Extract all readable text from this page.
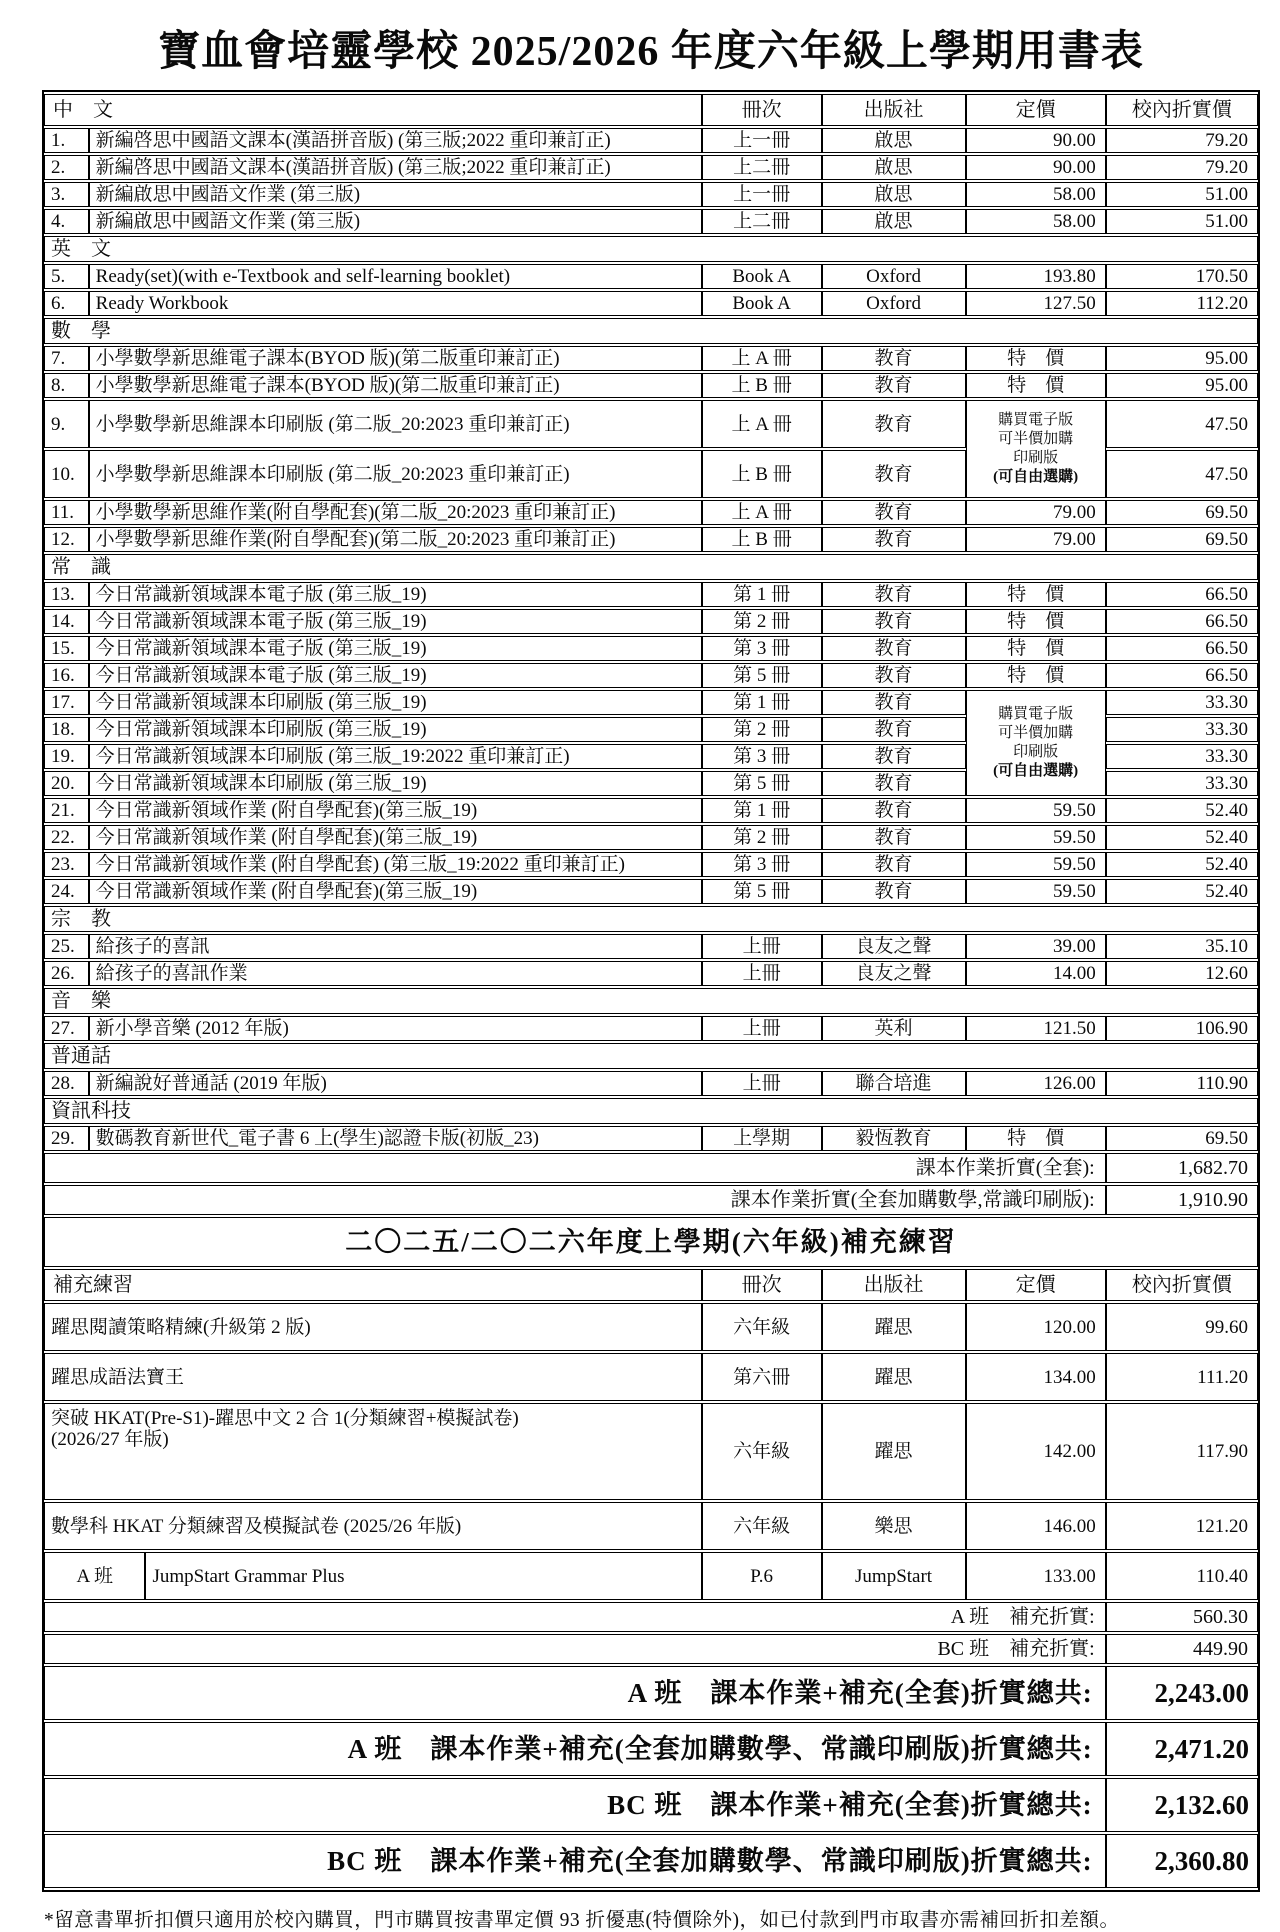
寶血會培靈學校 2025/2026 年度六年級上學期用書表
中　文			冊次	出版社	定價	校內折實價
1.	新編啓思中國語文課本(漢語拼音版) (第三版;2022 重印兼訂正)		上一冊	啟思	90.00	79.20
2.	新編啓思中國語文課本(漢語拼音版) (第三版;2022 重印兼訂正)		上二冊	啟思	90.00	79.20
3.	新編啟思中國語文作業 (第三版)		上一冊	啟思	58.00	51.00
4.	新編啟思中國語文作業 (第三版)		上二冊	啟思	58.00	51.00
英　文						
5.	Ready(set)(with e-Textbook and self-learning booklet)		Book A	Oxford	193.80	170.50
6.	Ready Workbook		Book A	Oxford	127.50	112.20
數　學						
7.	小學數學新思維電子課本(BYOD 版)(第二版重印兼訂正)		上 A 冊	教育	特　價	95.00
8.	小學數學新思維電子課本(BYOD 版)(第二版重印兼訂正)		上 B 冊	教育	特　價	95.00
9.	小學數學新思維課本印刷版 (第二版_20:2023 重印兼訂正)		上 A 冊	教育	購買電子版
可半價加購
印刷版
(可自由選購)	47.50
10.	小學數學新思維課本印刷版 (第二版_20:2023 重印兼訂正)		上 B 冊	教育		47.50
11.	小學數學新思維作業(附自學配套)(第二版_20:2023 重印兼訂正)		上 A 冊	教育	79.00	69.50
12.	小學數學新思維作業(附自學配套)(第二版_20:2023 重印兼訂正)		上 B 冊	教育	79.00	69.50
常　識						
13.	今日常識新領域課本電子版 (第三版_19)		第 1 冊	教育	特　價	66.50
14.	今日常識新領域課本電子版 (第三版_19)		第 2 冊	教育	特　價	66.50
15.	今日常識新領域課本電子版 (第三版_19)		第 3 冊	教育	特　價	66.50
16.	今日常識新領域課本電子版 (第三版_19)		第 5 冊	教育	特　價	66.50
17.	今日常識新領域課本印刷版 (第三版_19)		第 1 冊	教育	購買電子版
可半價加購
印刷版
(可自由選購)	33.30
18.	今日常識新領域課本印刷版 (第三版_19)		第 2 冊	教育		33.30
19.	今日常識新領域課本印刷版 (第三版_19:2022 重印兼訂正)		第 3 冊	教育		33.30
20.	今日常識新領域課本印刷版 (第三版_19)		第 5 冊	教育		33.30
21.	今日常識新領域作業 (附自學配套)(第三版_19)		第 1 冊	教育	59.50	52.40
22.	今日常識新領域作業 (附自學配套)(第三版_19)		第 2 冊	教育	59.50	52.40
23.	今日常識新領域作業 (附自學配套) (第三版_19:2022 重印兼訂正)		第 3 冊	教育	59.50	52.40
24.	今日常識新領域作業 (附自學配套)(第三版_19)		第 5 冊	教育	59.50	52.40
宗　教						
25.	給孩子的喜訊		上冊	良友之聲	39.00	35.10
26.	給孩子的喜訊作業		上冊	良友之聲	14.00	12.60
音　樂						
27.	新小學音樂 (2012 年版)		上冊	英利	121.50	106.90
普通話						
28.	新編說好普通話 (2019 年版)		上冊	聯合培進	126.00	110.90
資訊科技						
29.	數碼教育新世代_電子書 6 上(學生)認證卡版(初版_23)		上學期	毅恆教育	特　價	69.50
課本作業折實(全套):						1,682.70
課本作業折實(全套加購數學,常識印刷版):						1,910.90
二〇二五/二〇二六年度上學期(六年級)補充練習						
補充練習			冊次	出版社	定價	校內折實價

躍思閱讀策略精練(升級第 2 版)			六年級	躍思	120.00	99.60

躍思成語法寶王			第六冊	躍思	134.00	111.20

突破 HKAT(Pre-S1)-躍思中文 2 合 1(分類練習+模擬試卷)
(2026/27 年版)			六年級	躍思	142.00	117.90

數學科 HKAT 分類練習及模擬試卷 (2025/26 年版)			六年級	樂思	146.00	121.20
A 班		JumpStart Grammar Plus	P.6	JumpStart	133.00	110.40
A 班　補充折實:						560.30
BC 班　補充折實:						449.90
A 班　課本作業+補充(全套)折實總共:						2,243.00
A 班　課本作業+補充(全套加購數學、常識印刷版)折實總共:						2,471.20
BC 班　課本作業+補充(全套)折實總共:						2,132.60
BC 班　課本作業+補充(全套加購數學、常識印刷版)折實總共:						2,360.80
*留意書單折扣價只適用於校內購買，門市購買按書單定價 93 折優惠(特價除外)，如已付款到門市取書亦需補回折扣差額。
